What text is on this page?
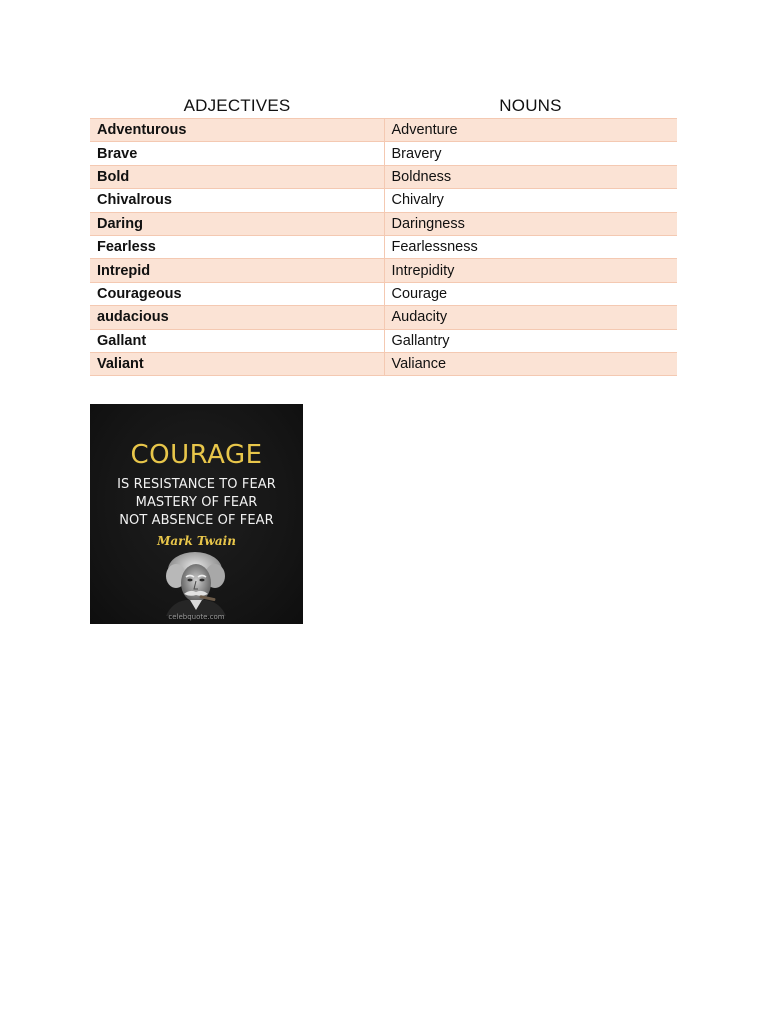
ADJECTIVES	NOUNS
Adventurous	Adventure
Brave	Bravery
Bold	Boldness
Chivalrous	Chivalry
Daring	Daringness
Fearless	Fearlessness
Intrepid	Intrepidity
Courageous	Courage
audacious	Audacity
Gallant	Gallantry
Valiant	Valiance
COURAGE
IS RESISTANCE TO FEAR
MASTERY OF FEAR
NOT ABSENCE OF FEAR
Mark Twain
celebquote.com
